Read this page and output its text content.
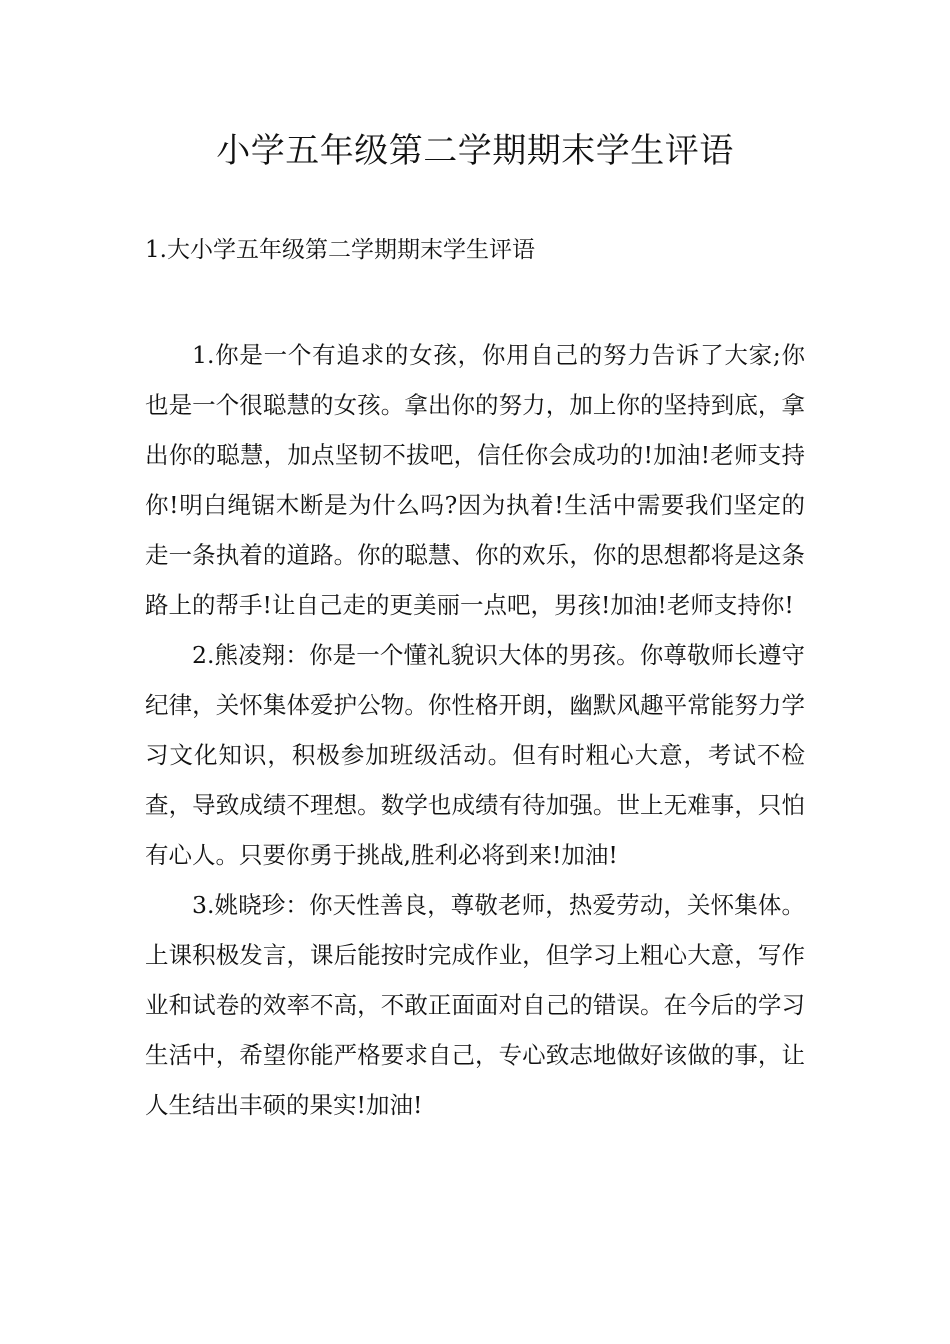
小学五年级第二学期期末学生评语
1.大小学五年级第二学期期末学生评语

1.你是一个有追求的女孩，你用自己的努力告诉了大家;你也是一个很聪慧的女孩。拿出你的努力，加上你的坚持到底，拿出你的聪慧，加点坚韧不拔吧，信任你会成功的!加油!老师支持你!明白绳锯木断是为什么吗?因为执着!生活中需要我们坚定的走一条执着的道路。你的聪慧、你的欢乐，你的思想都将是这条路上的帮手!让自己走的更美丽一点吧，男孩!加油!老师支持你!

2.熊凌翔：你是一个懂礼貌识大体的男孩。你尊敬师长遵守纪律，关怀集体爱护公物。你性格开朗，幽默风趣平常能努力学习文化知识，积极参加班级活动。但有时粗心大意，考试不检查，导致成绩不理想。数学也成绩有待加强。世上无难事，只怕有心人。只要你勇于挑战,胜利必将到来!加油!

3.姚晓珍：你天性善良，尊敬老师，热爱劳动，关怀集体。上课积极发言，课后能按时完成作业，但学习上粗心大意，写作业和试卷的效率不高，不敢正面面对自己的错误。在今后的学习生活中，希望你能严格要求自己，专心致志地做好该做的事，让人生结出丰硕的果实!加油!
